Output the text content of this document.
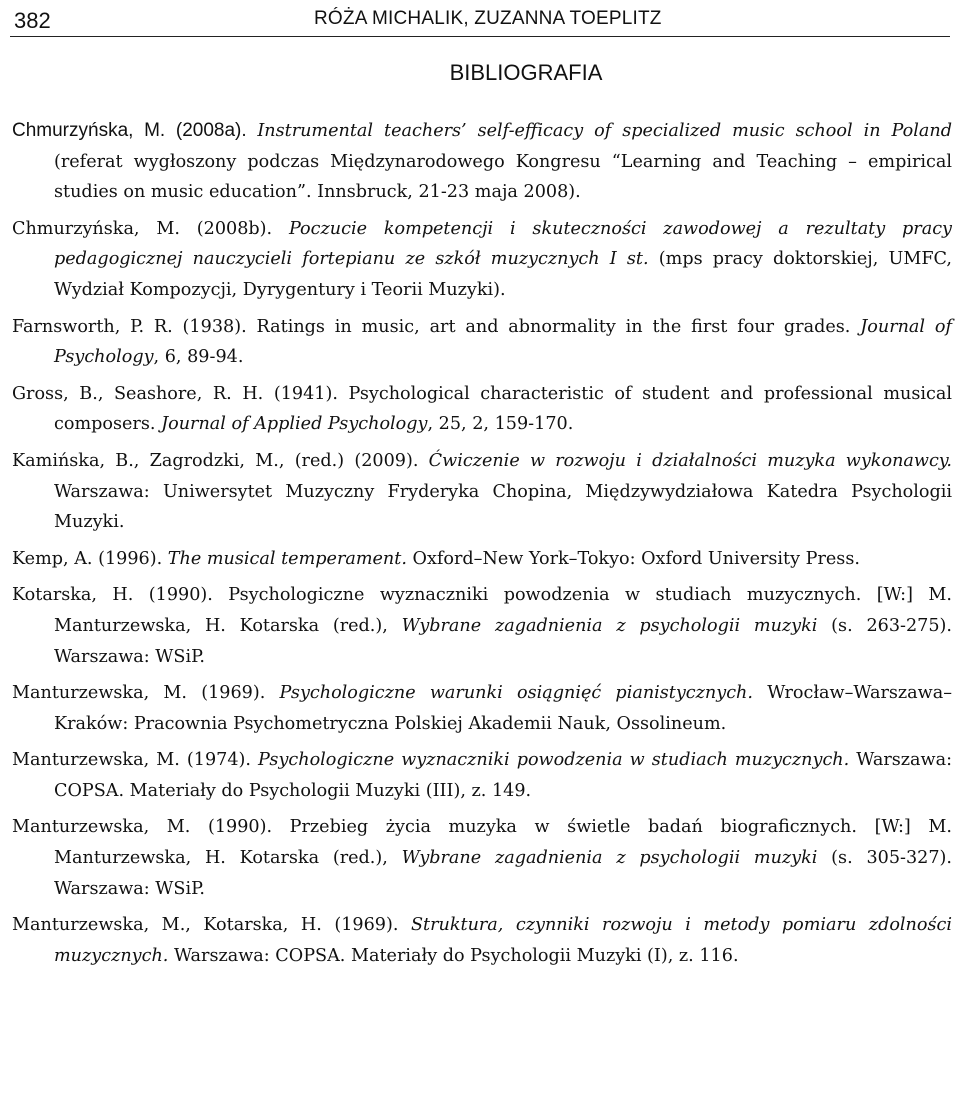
382	RÓŻA MICHALIK, ZUZANNA TOEPLITZ
BIBLIOGRAFIA

Chmurzyńska, M. (2008a). Instrumental teachers’ self-efficacy of specialized music school in Poland (referat wygłoszony podczas Międzynarodowego Kongresu “Learning and Teaching – empirical studies on music education”. Innsbruck, 21-23 maja 2008).

Chmurzyńska, M. (2008b). Poczucie kompetencji i skuteczności zawodowej a rezultaty pracy pedagogicznej nauczycieli fortepianu ze szkół muzycznych I st. (mps pracy doktorskiej, UMFC, Wydział Kompozycji, Dyrygentury i Teorii Muzyki).

Farnsworth, P. R. (1938). Ratings in music, art and abnormality in the first four grades. Journal of Psychology, 6, 89-94.

Gross, B., Seashore, R. H. (1941). Psychological characteristic of student and professional musical composers. Journal of Applied Psychology, 25, 2, 159-170.

Kamińska, B., Zagrodzki, M., (red.) (2009). Ćwiczenie w rozwoju i działalności muzyka wykonawcy. Warszawa: Uniwersytet Muzyczny Fryderyka Chopina, Międzywydziałowa Katedra Psychologii Muzyki.

Kemp, A. (1996). The musical temperament. Oxford–New York–Tokyo: Oxford University Press.

Kotarska, H. (1990). Psychologiczne wyznaczniki powodzenia w studiach muzycznych. [W:] M. Manturzewska, H. Kotarska (red.), Wybrane zagadnienia z psychologii muzyki (s. 263-275). Warszawa: WSiP.

Manturzewska, M. (1969). Psychologiczne warunki osiągnięć pianistycznych. Wrocław–Warszawa–Kraków: Pracownia Psychometryczna Polskiej Akademii Nauk, Ossolineum.

Manturzewska, M. (1974). Psychologiczne wyznaczniki powodzenia w studiach muzycznych. Warszawa: COPSA. Materiały do Psychologii Muzyki (III), z. 149.

Manturzewska, M. (1990). Przebieg życia muzyka w świetle badań biograficznych. [W:] M. Manturzewska, H. Kotarska (red.), Wybrane zagadnienia z psychologii muzyki (s. 305-327). Warszawa: WSiP.

Manturzewska, M., Kotarska, H. (1969). Struktura, czynniki rozwoju i metody pomiaru zdolności muzycznych. Warszawa: COPSA. Materiały do Psychologii Muzyki (I), z. 116.
